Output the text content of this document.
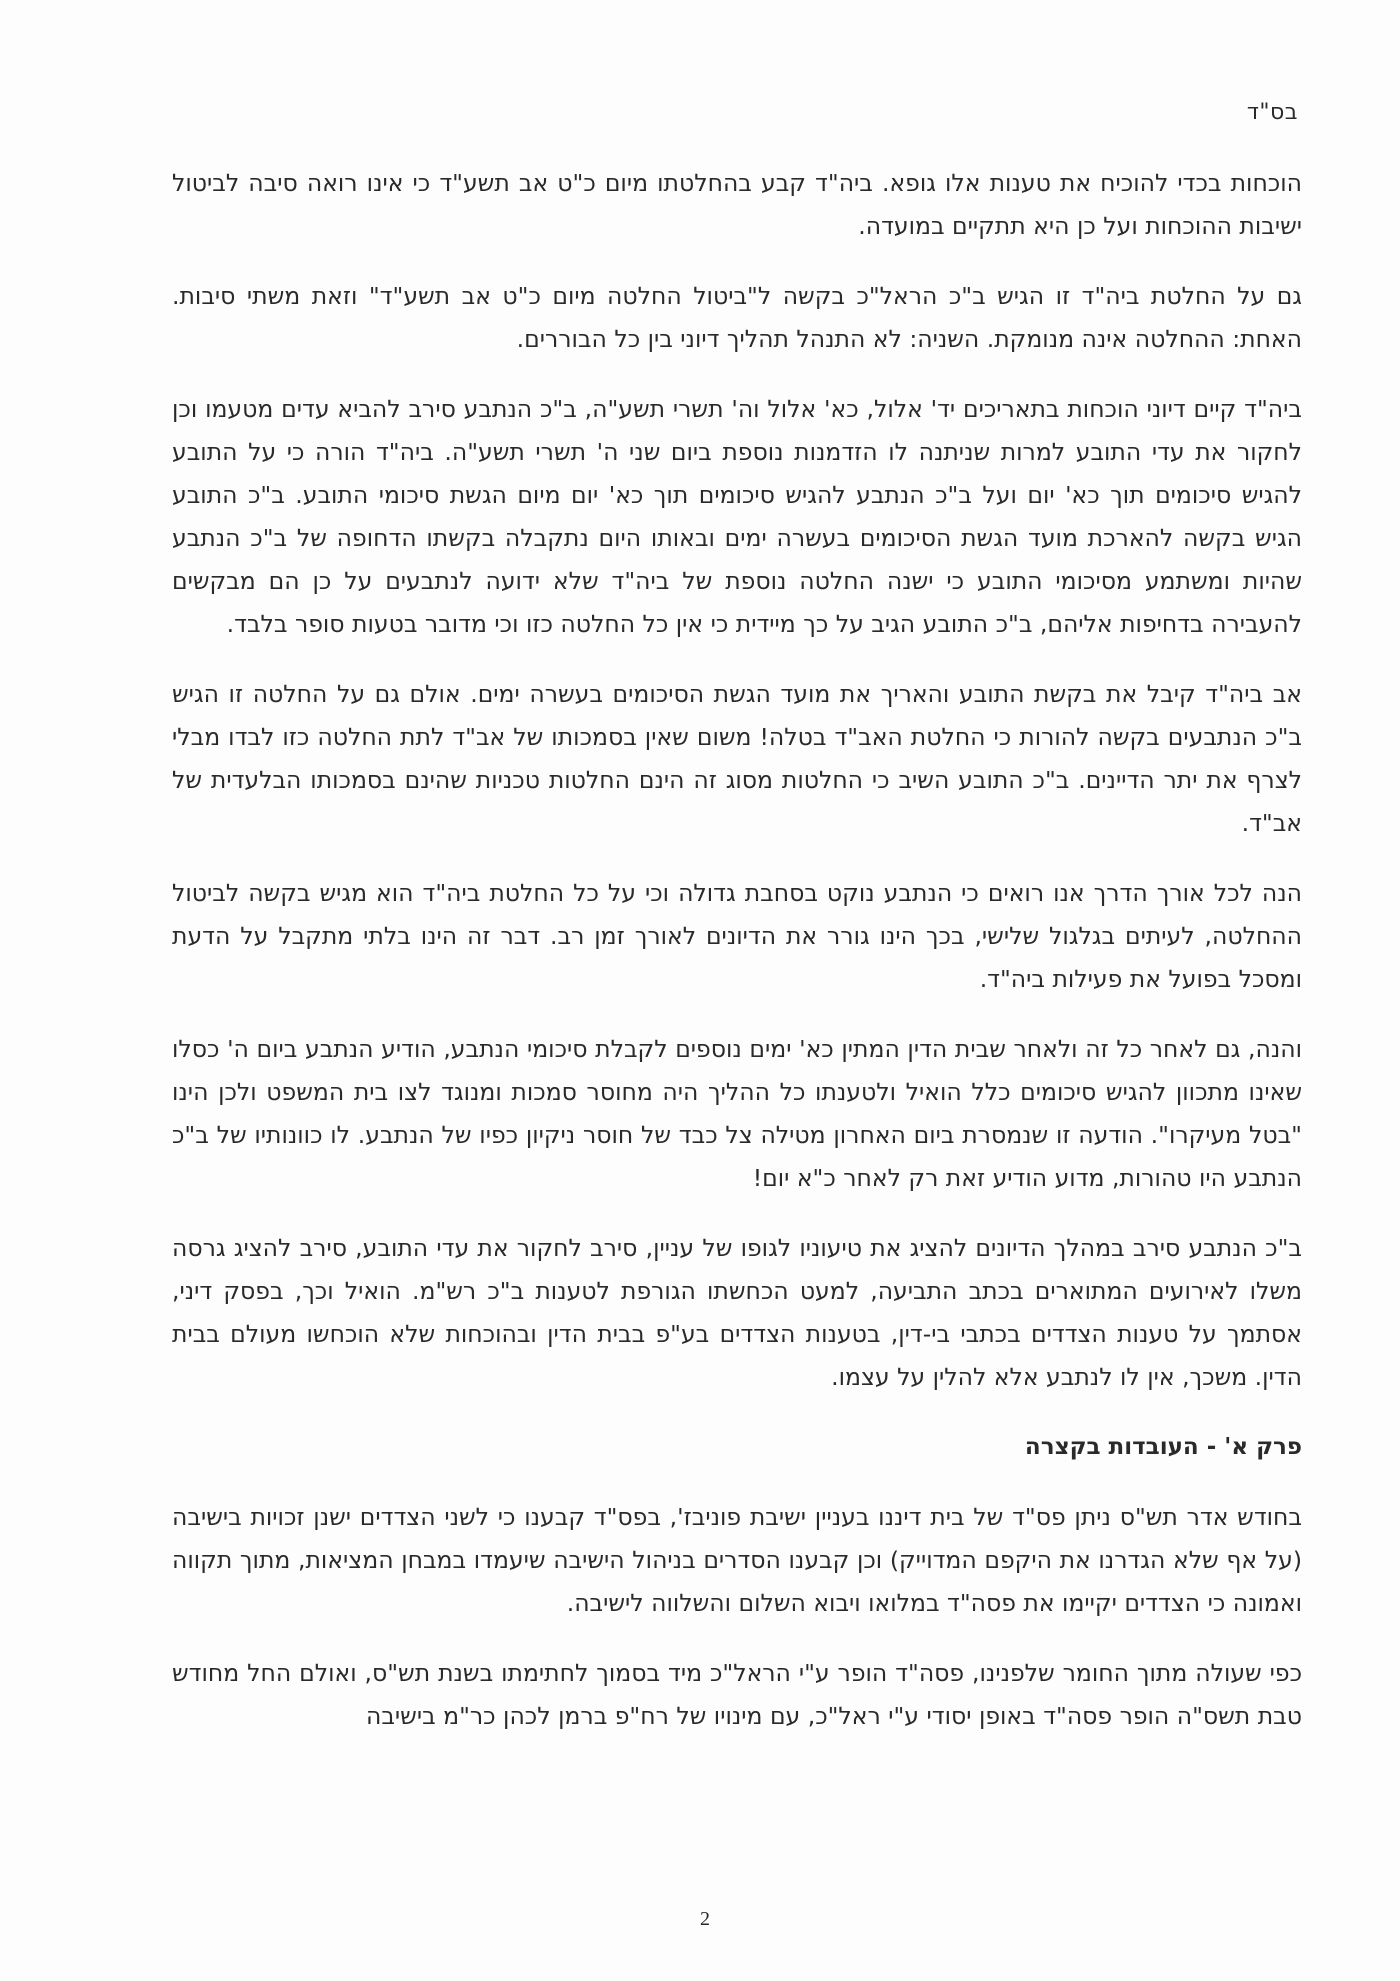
בס"ד

הוכחות בכדי להוכיח את טענות אלו גופא. ביה"ד קבע בהחלטתו מיום כ"ט אב תשע"ד כי אינו רואה סיבה לביטול ישיבות ההוכחות ועל כן היא תתקיים במועדה.

גם על החלטת ביה"ד זו הגיש ב"כ הראל"כ בקשה ל"ביטול החלטה מיום כ"ט אב תשע"ד" וזאת משתי סיבות. האחת: ההחלטה אינה מנומקת. השניה: לא התנהל תהליך דיוני בין כל הבוררים.

ביה"ד קיים דיוני הוכחות בתאריכים יד' אלול, כא' אלול וה' תשרי תשע"ה, ב"כ הנתבע סירב להביא עדים מטעמו וכן לחקור את עדי התובע למרות שניתנה לו הזדמנות נוספת ביום שני ה' תשרי תשע"ה. ביה"ד הורה כי על התובע להגיש סיכומים תוך כא' יום ועל ב"כ הנתבע להגיש סיכומים תוך כא' יום מיום הגשת סיכומי התובע. ב"כ התובע הגיש בקשה להארכת מועד הגשת הסיכומים בעשרה ימים ובאותו היום נתקבלה בקשתו הדחופה של ב"כ הנתבע שהיות ומשתמע מסיכומי התובע כי ישנה החלטה נוספת של ביה"ד שלא ידועה לנתבעים על כן הם מבקשים להעבירה בדחיפות אליהם, ב"כ התובע הגיב על כך מיידית כי אין כל החלטה כזו וכי מדובר בטעות סופר בלבד.

אב ביה"ד קיבל את בקשת התובע והאריך את מועד הגשת הסיכומים בעשרה ימים. אולם גם על החלטה זו הגיש ב"כ הנתבעים בקשה להורות כי החלטת האב"ד בטלה! משום שאין בסמכותו של אב"ד לתת החלטה כזו לבדו מבלי לצרף את יתר הדיינים. ב"כ התובע השיב כי החלטות מסוג זה הינם החלטות טכניות שהינם בסמכותו הבלעדית של אב"ד.

הנה לכל אורך הדרך אנו רואים כי הנתבע נוקט בסחבת גדולה וכי על כל החלטת ביה"ד הוא מגיש בקשה לביטול ההחלטה, לעיתים בגלגול שלישי, בכך הינו גורר את הדיונים לאורך זמן רב. דבר זה הינו בלתי מתקבל על הדעת ומסכל בפועל את פעילות ביה"ד.

והנה, גם לאחר כל זה ולאחר שבית הדין המתין כא' ימים נוספים לקבלת סיכומי הנתבע, הודיע הנתבע ביום ה' כסלו שאינו מתכוון להגיש סיכומים כלל הואיל ולטענתו כל ההליך היה מחוסר סמכות ומנוגד לצו בית המשפט ולכן הינו "בטל מעיקרו". הודעה זו שנמסרת ביום האחרון מטילה צל כבד של חוסר ניקיון כפיו של הנתבע. לו כוונותיו של ב"כ הנתבע היו טהורות, מדוע הודיע זאת רק לאחר כ"א יום!

ב"כ הנתבע סירב במהלך הדיונים להציג את טיעוניו לגופו של עניין, סירב לחקור את עדי התובע, סירב להציג גרסה משלו לאירועים המתוארים בכתב התביעה, למעט הכחשתו הגורפת לטענות ב"כ רש"מ. הואיל וכך, בפסק דיני, אסתמך על טענות הצדדים בכתבי בי-דין, בטענות הצדדים בע"פ בבית הדין ובהוכחות שלא הוכחשו מעולם בבית הדין. משכך, אין לו לנתבע אלא להלין על עצמו.

פרק א' - העובדות בקצרה

בחודש אדר תש"ס ניתן פס"ד של בית דיננו בעניין ישיבת פוניבז', בפס"ד קבענו כי לשני הצדדים ישנן זכויות בישיבה (על אף שלא הגדרנו את היקפם המדוייק) וכן קבענו הסדרים בניהול הישיבה שיעמדו במבחן המציאות, מתוך תקווה ואמונה כי הצדדים יקיימו את פסה"ד במלואו ויבוא השלום והשלווה לישיבה.

כפי שעולה מתוך החומר שלפנינו, פסה"ד הופר ע"י הראל"כ מיד בסמוך לחתימתו בשנת תש"ס, ואולם החל מחודש טבת תשס"ה הופר פסה"ד באופן יסודי ע"י ראל"כ, עם מינויו של רח"פ ברמן לכהן כר"מ בישיבה

2
